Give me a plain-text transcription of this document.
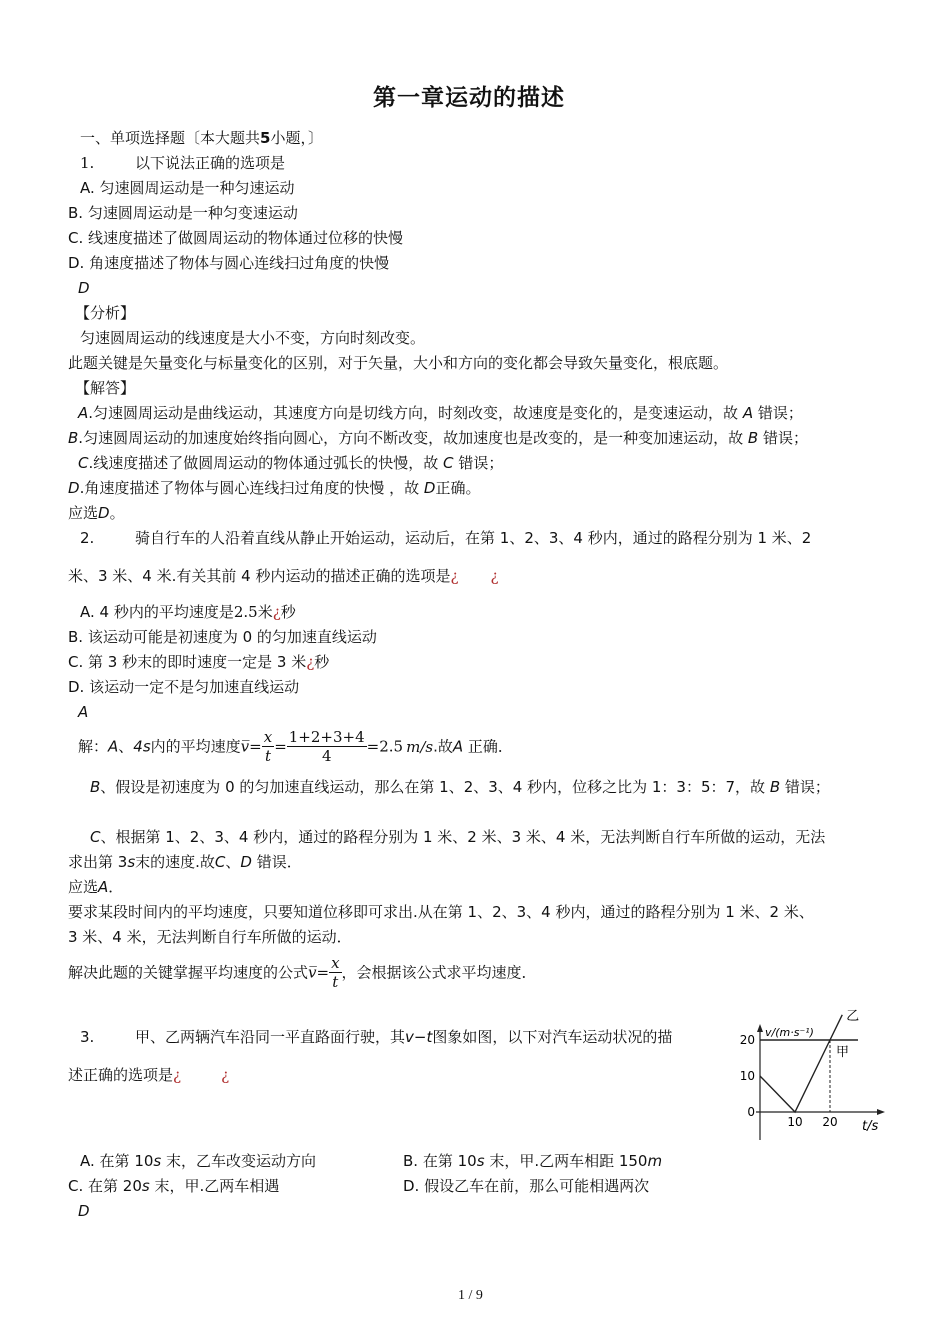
第一章运动的描述
一、单项选择题〔本大题共5小题，〕
1.	以下说法正确的选项是
A. 匀速圆周运动是一种匀速运动
B. 匀速圆周运动是一种匀变速运动
C. 线速度描述了做圆周运动的物体通过位移的快慢
D. 角速度描述了物体与圆心连线扫过角度的快慢
D
【分析】
匀速圆周运动的线速度是大小不变，方向时刻改变。
此题关键是矢量变化与标量变化的区别，对于矢量，大小和方向的变化都会导致矢量变化，根底题。
【解答】
A.匀速圆周运动是曲线运动，其速度方向是切线方向，时刻改变，故速度是变化的，是变速运动，故 A 错误；
B.匀速圆周运动的加速度始终指向圆心，方向不断改变，故加速度也是改变的，是一种变加速运动，故 B 错误；
C.线速度描述了做圆周运动的物体通过弧长的快慢，故 C 错误；
D.角速度描述了物体与圆心连线扫过角度的快慢 ，故 D正确。
应选D。
2.	骑自行车的人沿着直线从静止开始运动，运动后，在第 1、2、3、4 秒内，通过的路程分别为 1 米、2
米、3 米、4 米.有关其前 4 秒内运动的描述正确的选项是¿ ¿
A. 4 秒内的平均速度是2.5米¿秒
B. 该运动可能是初速度为 0 的匀加速直线运动
C. 第 3 秒末的即时速度一定是 3 米¿秒
D. 该运动一定不是匀加速直线运动
A
解：A、4s内的平均速度v̅= $\frac{x}{t} = \frac{1+2+3+4}{4} =2.5$ m/s.故A 正确．
B、假设是初速度为 0 的匀加速直线运动，那么在第 1、2、3、4 秒内，位移之比为 1：3：5：7，故 B 错误；
C、根据第 1、2、3、4 秒内，通过的路程分别为 1 米、2 米、3 米、4 米，无法判断自行车所做的运动，无法
求出第 3s末的速度.故C、D 错误．
应选A．
要求某段时间内的平均速度，只要知道位移即可求出.从在第 1、2、3、4 秒内，通过的路程分别为 1 米、2 米、
3 米、4 米，无法判断自行车所做的运动．
解决此题的关键掌握平均速度的公式v̅= $\frac{x}{t}$ ，会根据该公式求平均速度．
3.	甲、乙两辆汽车沿同一平直路面行驶，其v−t图象如图，以下对汽车运动状况的描
述正确的选项是¿	¿
v/(m·s⁻¹)
t/s
10
20
0
10 20
甲
乙
A. 在第 10s 末，乙车改变运动方向	B. 在第 10s 末，甲.乙两车相距 150m
C. 在第 20s 末，甲.乙两车相遇	D. 假设乙车在前，那么可能相遇两次
D
1 / 9
